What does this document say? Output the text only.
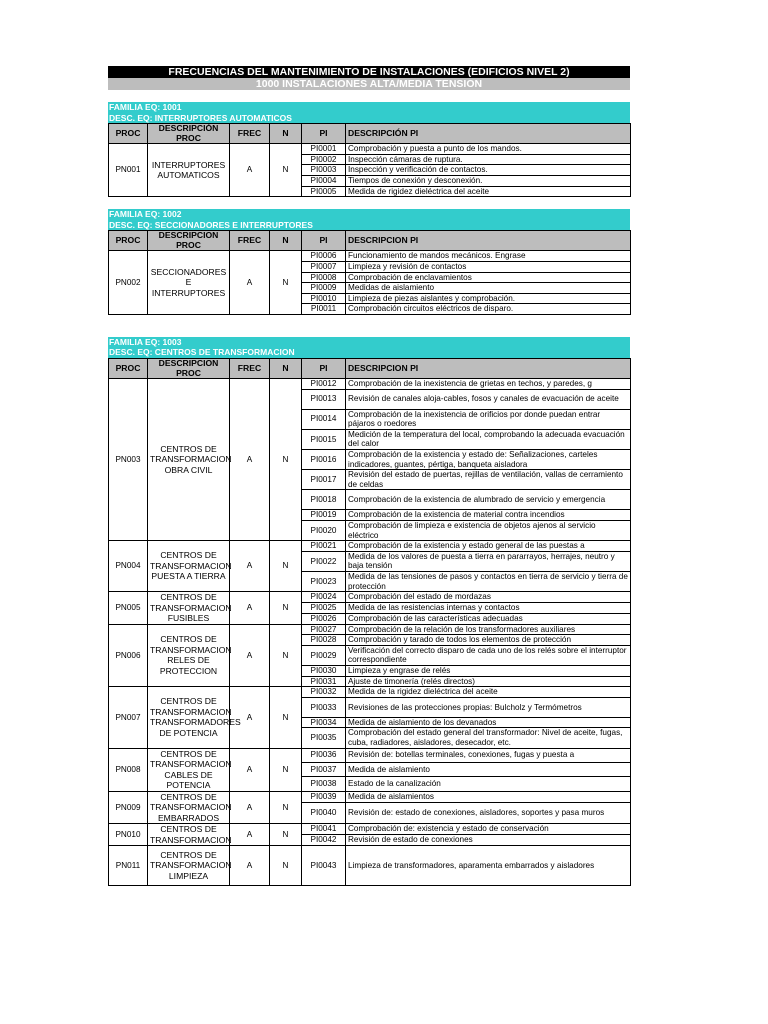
FRECUENCIAS DEL MANTENIMIENTO DE INSTALACIONES (EDIFICIOS NIVEL 2)
1000 INSTALACIONES ALTA/MEDIA TENSION
FAMILIA EQ: 1001
DESC. EQ: INTERRUPTORES AUTOMATICOS
PROC	DESCRIPCIÓN PROC	FREC	N	PI	DESCRIPCIÓN PI
PN001	INTERRUPTORES AUTOMATICOS	A	N	PI0001	Comprobación y puesta a punto de los mandos.
				PI0002	Inspección cámaras de ruptura.
				PI0003	Inspección y verificación de contactos.
				PI0004	Tiempos de conexión y desconexión.
				PI0005	Medida de rigidez dieléctrica del aceite
FAMILIA EQ: 1002
DESC. EQ: SECCIONADORES E INTERRUPTORES
PROC	DESCRIPCION PROC	FREC	N	PI	DESCRIPCION PI
PN002	SECCIONADORES E INTERRUPTORES	A	N	PI0006	Funcionamiento de mandos mecánicos. Engrase
				PI0007	Limpieza y revisión de contactos
				PI0008	Comprobación de enclavamientos
				PI0009	Medidas de aislamiento
				PI0010	Limpieza de piezas aislantes y comprobación.
				PI0011	Comprobación circuitos eléctricos de disparo.
FAMILIA EQ: 1003
DESC. EQ: CENTROS DE TRANSFORMACION
PROC	DESCRIPCION PROC	FREC	N	PI	DESCRIPCION PI
PN003	CENTROS DE TRANSFORMACION OBRA CIVIL	A	N	PI0012	Comprobación de la inexistencia de grietas en techos, y paredes, g
				PI0013	Revisión de canales aloja-cables, fosos y canales de evacuación de aceite
				PI0014	Comprobación de la inexistencia de orificios por donde puedan entrar pájaros o roedores
				PI0015	Medición de la temperatura del local, comprobando la adecuada evacuación del calor
				PI0016	Comprobación de la existencia y estado de: Señalizaciones, carteles indicadores, guantes, pértiga, banqueta aisladora
				PI0017	Revisión del estado de puertas, rejillas de ventilación, vallas de cerramiento de celdas
				PI0018	Comprobación de la existencia de alumbrado de servicio y emergencia
				PI0019	Comprobación de la existencia de material contra incendios
				PI0020	Comprobación de limpieza e existencia de objetos ajenos al servicio eléctrico
PN004	CENTROS DE TRANSFORMACION PUESTA A TIERRA	A	N	PI0021	Comprobación de la existencia y estado general de las puestas a
				PI0022	Medida de los valores de puesta a tierra en pararrayos, herrajes, neutro y baja tensión
				PI0023	Medida de las tensiones de pasos y contactos en tierra de servicio y tierra de protección
PN005	CENTROS DE TRANSFORMACION FUSIBLES	A	N	PI0024	Comprobación del estado de mordazas
				PI0025	Medida de las resistencias internas y contactos
				PI0026	Comprobación de las características adecuadas
PN006	CENTROS DE TRANSFORMACION RELES DE PROTECCION	A	N	PI0027	Comprobación de la relación de los transformadores auxiliares
				PI0028	Comprobación y tarado de todos los elementos de protección
				PI0029	Verificación del correcto disparo de cada uno de los relés sobre el interruptor correspondiente
				PI0030	Limpieza y engrase de relés
				PI0031	Ajuste de timonería (relés directos)
PN007	CENTROS DE TRANSFORMACION TRANSFORMADORES DE POTENCIA	A	N	PI0032	Medida de la rigidez dieléctrica del aceite
				PI0033	Revisiones de las protecciones propias: Bulcholz y Termómetros
				PI0034	Medida de aislamiento de los devanados
				PI0035	Comprobación del estado general del transformador: Nivel de aceite, fugas, cuba, radiadores, aisladores, desecador, etc.
PN008	CENTROS DE TRANSFORMACION CABLES DE POTENCIA	A	N	PI0036	Revisión de: botellas terminales, conexiones, fugas y puesta a
				PI0037	Medida de aislamiento
				PI0038	Estado de la canalización
PN009	CENTROS DE TRANSFORMACION EMBARRADOS	A	N	PI0039	Medida de aislamientos
				PI0040	Revisión de: estado de conexiones, aisladores, soportes y pasa muros
PN010	CENTROS DE TRANSFORMACION	A	N	PI0041	Comprobación de: existencia y estado de conservación
				PI0042	Revisión de estado de conexiones
PN011	CENTROS DE TRANSFORMACION LIMPIEZA	A	N	PI0043	Limpieza de transformadores, aparamenta embarrados y aisladores
